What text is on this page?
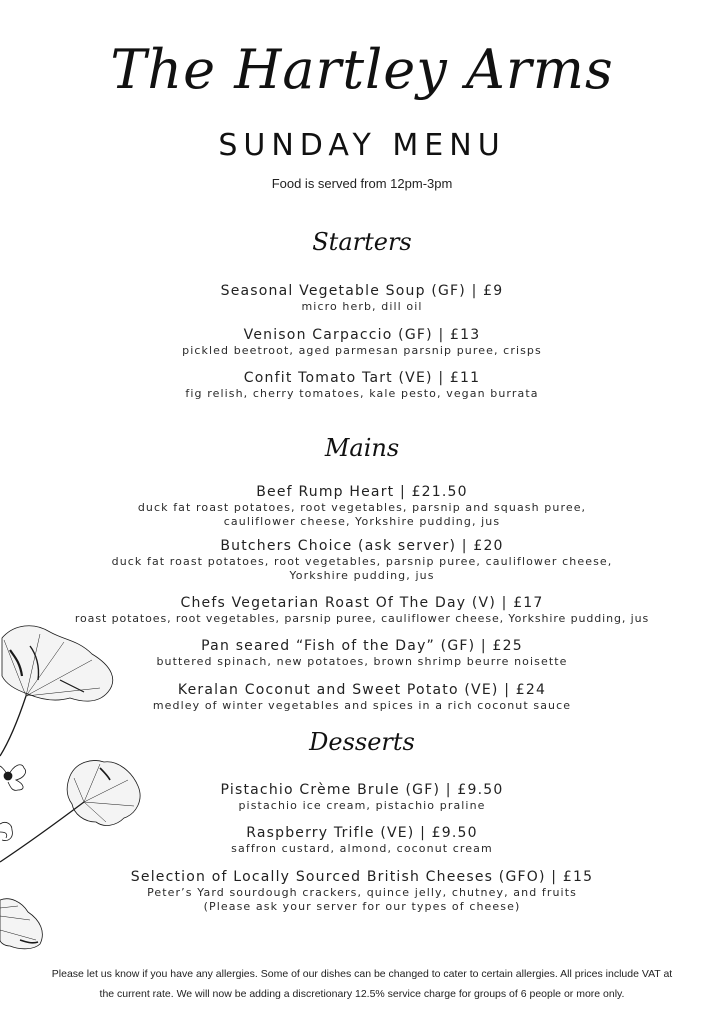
The Hartley Arms
SUNDAY MENU
Food is served from 12pm-3pm
Starters
Seasonal Vegetable Soup (GF) | £9
micro herb, dill oil
Venison Carpaccio (GF) | £13
pickled beetroot, aged parmesan parsnip puree, crisps
Confit Tomato Tart (VE) | £11
fig relish, cherry tomatoes, kale pesto, vegan burrata
Mains
Beef Rump Heart | £21.50
duck fat roast potatoes, root vegetables, parsnip and squash puree,
cauliflower cheese, Yorkshire pudding, jus
Butchers Choice (ask server) | £20
duck fat roast potatoes, root vegetables, parsnip puree, cauliflower cheese,
Yorkshire pudding, jus
Chefs Vegetarian Roast Of The Day (V) | £17
roast potatoes, root vegetables, parsnip puree, cauliflower cheese, Yorkshire pudding, jus
Pan seared “Fish of the Day” (GF) | £25
buttered spinach, new potatoes, brown shrimp beurre noisette
Keralan Coconut and Sweet Potato (VE) | £24
medley of winter vegetables and spices in a rich coconut sauce
Desserts
Pistachio Crème Brule (GF) | £9.50
pistachio ice cream, pistachio praline
Raspberry Trifle (VE) | £9.50
saffron custard, almond, coconut cream
Selection of Locally Sourced British Cheeses (GFO) | £15
Peter’s Yard sourdough crackers, quince jelly, chutney, and fruits
(Please ask your server for our types of cheese)
Please let us know if you have any allergies. Some of our dishes can be changed to cater to certain allergies. All prices include VAT at
the current rate. We will now be adding a discretionary 12.5% service charge for groups of 6 people or more only.
